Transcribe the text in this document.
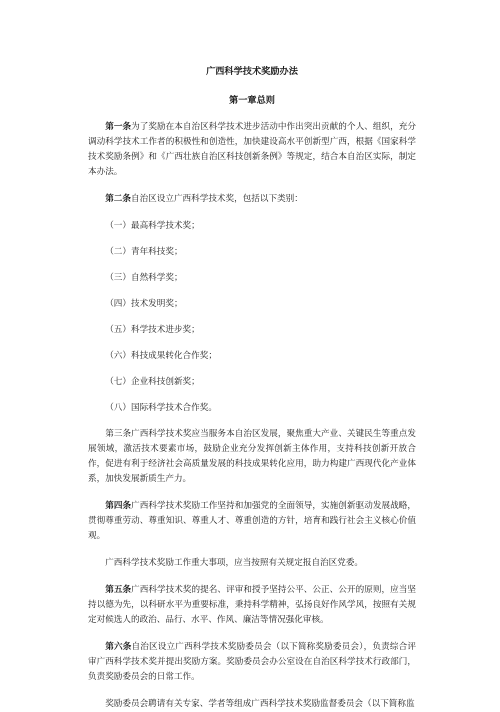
广西科学技术奖励办法
第一章总则

第一条为了奖励在本自治区科学技术进步活动中作出突出贡献的个人、组织，充分调动科学技术工作者的积极性和创造性，加快建设高水平创新型广西，根据《国家科学技术奖励条例》和《广西壮族自治区科技创新条例》等规定，结合本自治区实际，制定本办法。

第二条自治区设立广西科学技术奖，包括以下类别：

（一）最高科学技术奖；
（二）青年科技奖；
（三）自然科学奖；
（四）技术发明奖；
（五）科学技术进步奖；
（六）科技成果转化合作奖；
（七）企业科技创新奖；
（八）国际科学技术合作奖。

第三条广西科学技术奖应当服务本自治区发展，聚焦重大产业、关键民生等重点发展领域，激活技术要素市场，鼓励企业充分发挥创新主体作用，支持科技创新开放合作，促进有利于经济社会高质量发展的科技成果转化应用，助力构建广西现代化产业体系，加快发展新质生产力。

第四条广西科学技术奖励工作坚持和加强党的全面领导，实施创新驱动发展战略，贯彻尊重劳动、尊重知识、尊重人才、尊重创造的方针，培育和践行社会主义核心价值观。

广西科学技术奖励工作重大事项，应当按照有关规定报自治区党委。

第五条广西科学技术奖的提名、评审和授予坚持公平、公正、公开的原则，应当坚持以德为先，以科研水平为重要标准，秉持科学精神，弘扬良好作风学风，按照有关规定对候选人的政治、品行、水平、作风、廉洁等情况强化审核。

第六条自治区设立广西科学技术奖励委员会（以下简称奖励委员会），负责综合评审广西科学技术奖并提出奖励方案。奖励委员会办公室设在自治区科学技术行政部门，负责奖励委员会的日常工作。

奖励委员会聘请有关专家、学者等组成广西科学技术奖励监督委员会（以下简称监
